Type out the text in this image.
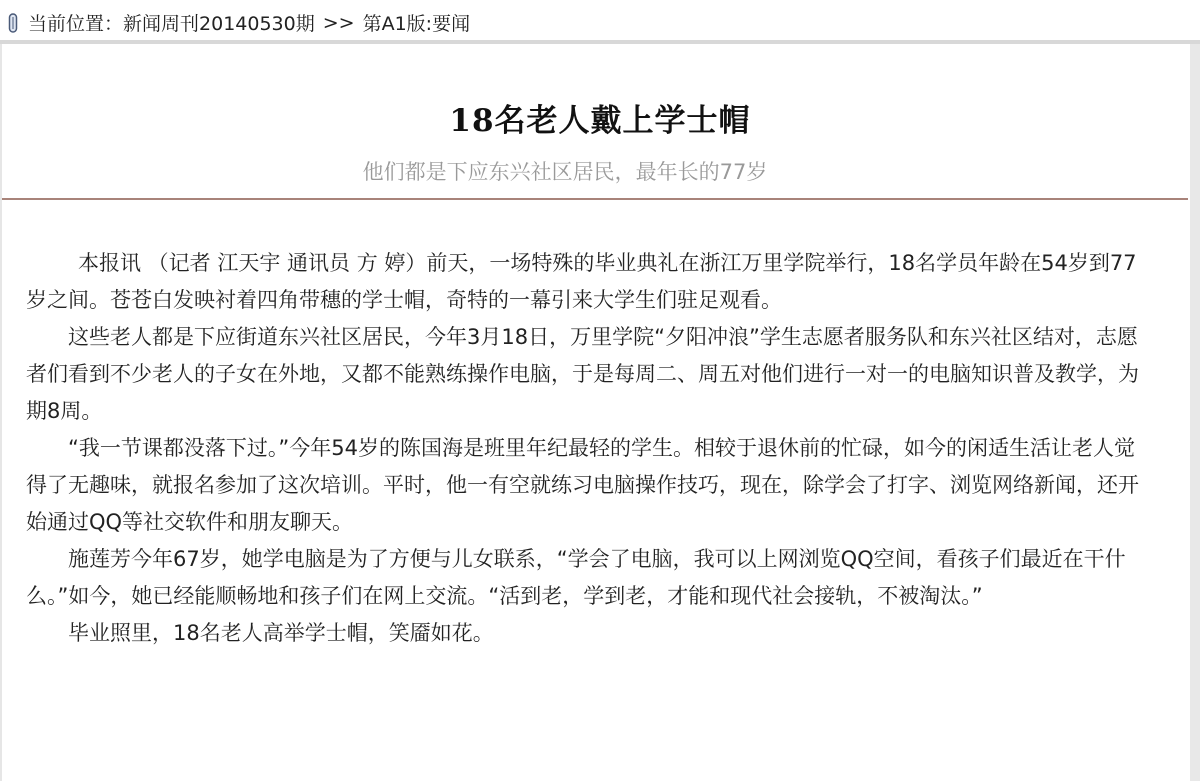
当前位置： 新闻周刊20140530期 >> 第A1版:要闻
18名老人戴上学士帽
他们都是下应东兴社区居民，最年长的77岁

本报讯 （记者 江天宇 通讯员 方 婷）前天，一场特殊的毕业典礼在浙江万里学院举行，18名学员年龄在54岁到77岁之间。苍苍白发映衬着四角带穗的学士帽，奇特的一幕引来大学生们驻足观看。

这些老人都是下应街道东兴社区居民，今年3月18日，万里学院“夕阳冲浪”学生志愿者服务队和东兴社区结对，志愿者们看到不少老人的子女在外地，又都不能熟练操作电脑，于是每周二、周五对他们进行一对一的电脑知识普及教学，为期8周。

“我一节课都没落下过。”今年54岁的陈国海是班里年纪最轻的学生。相较于退休前的忙碌，如今的闲适生活让老人觉得了无趣味，就报名参加了这次培训。平时，他一有空就练习电脑操作技巧，现在，除学会了打字、浏览网络新闻，还开始通过QQ等社交软件和朋友聊天。

施莲芳今年67岁，她学电脑是为了方便与儿女联系，“学会了电脑，我可以上网浏览QQ空间，看孩子们最近在干什么。”如今，她已经能顺畅地和孩子们在网上交流。“活到老，学到老，才能和现代社会接轨，不被淘汰。”

毕业照里，18名老人高举学士帽，笑靥如花。
